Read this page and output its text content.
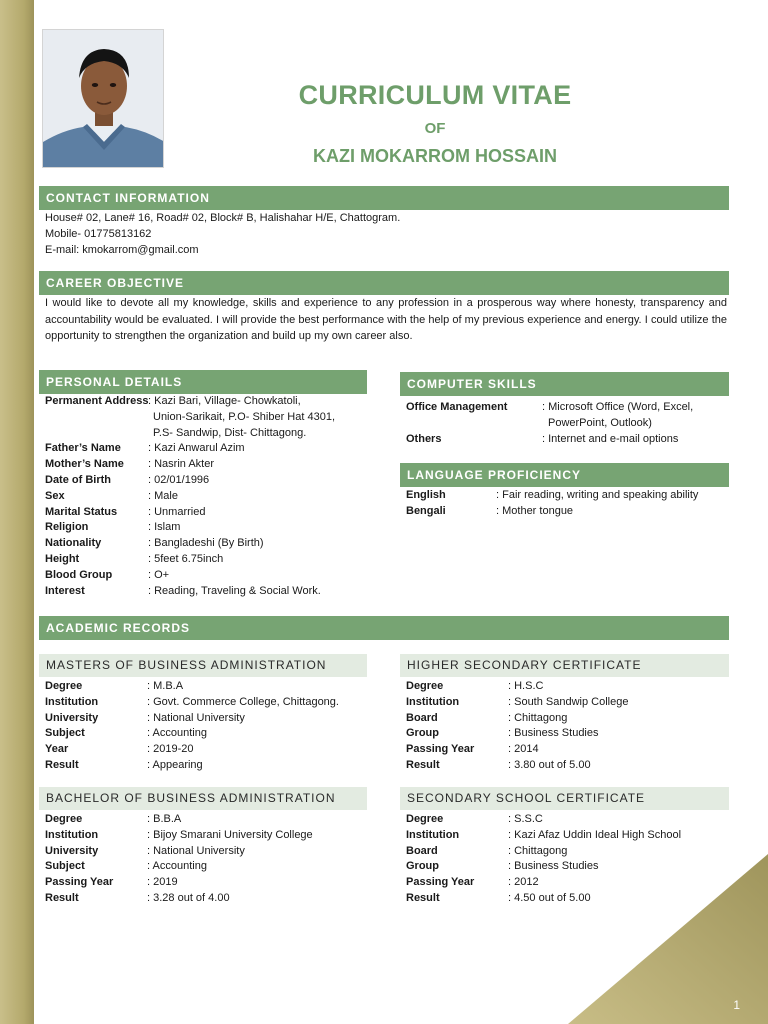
1
CURRICULUM VITAE
OF
KAZI MOKARROM HOSSAIN
CONTACT INFORMATION
House# 02, Lane# 16, Road# 02, Block# B, Halishahar H/E, Chattogram.
Mobile- 01775813162
E-mail: kmokarrom@gmail.com
CAREER OBJECTIVE
I would like to devote all my knowledge, skills and experience to any profession in a prosperous way where honesty, transparency and accountability would be evaluated. I will provide the best performance with the help of my previous experience and energy. I could utilize the opportunity to strengthen the organization and build up my own career also.
PERSONAL DETAILS
Permanent Address : Kazi Bari, Village- Chowkatoli,
Union-Sarikait, P.O- Shiber Hat 4301,
P.S- Sandwip, Dist- Chittagong.
Father’s Name : Kazi Anwarul Azim
Mother’s Name : Nasrin Akter
Date of Birth	: 02/01/1996
Sex	: Male
Marital Status	: Unmarried
Religion	: Islam
Nationality	: Bangladeshi (By Birth)
Height	: 5feet 6.75inch
Blood Group	: O+
Interest	: Reading, Traveling & Social Work.
COMPUTER SKILLS
Office Management	: Microsoft Office (Word, Excel,
PowerPoint, Outlook)
Others	: Internet and e-mail options
LANGUAGE PROFICIENCY
English	: Fair reading, writing and speaking ability
Bengali	: Mother tongue
ACADEMIC RECORDS
MASTERS OF BUSINESS ADMINISTRATION
Degree	: M.B.A
Institution	: Govt. Commerce College, Chittagong.
University	: National University
Subject	: Accounting
Year	: 2019-20
Result	: Appearing
HIGHER SECONDARY CERTIFICATE
Degree	: H.S.C
Institution	: South Sandwip College
Board	: Chittagong
Group	: Business Studies
Passing Year	: 2014
Result	: 3.80 out of 5.00
BACHELOR OF BUSINESS ADMINISTRATION
Degree	: B.B.A
Institution	: Bijoy Smarani University College
University	: National University
Subject	: Accounting
Passing Year	: 2019
Result	: 3.28 out of 4.00
SECONDARY SCHOOL CERTIFICATE
Degree	: S.S.C
Institution	: Kazi Afaz Uddin Ideal High School
Board	: Chittagong
Group	: Business Studies
Passing Year	: 2012
Result	: 4.50 out of 5.00
